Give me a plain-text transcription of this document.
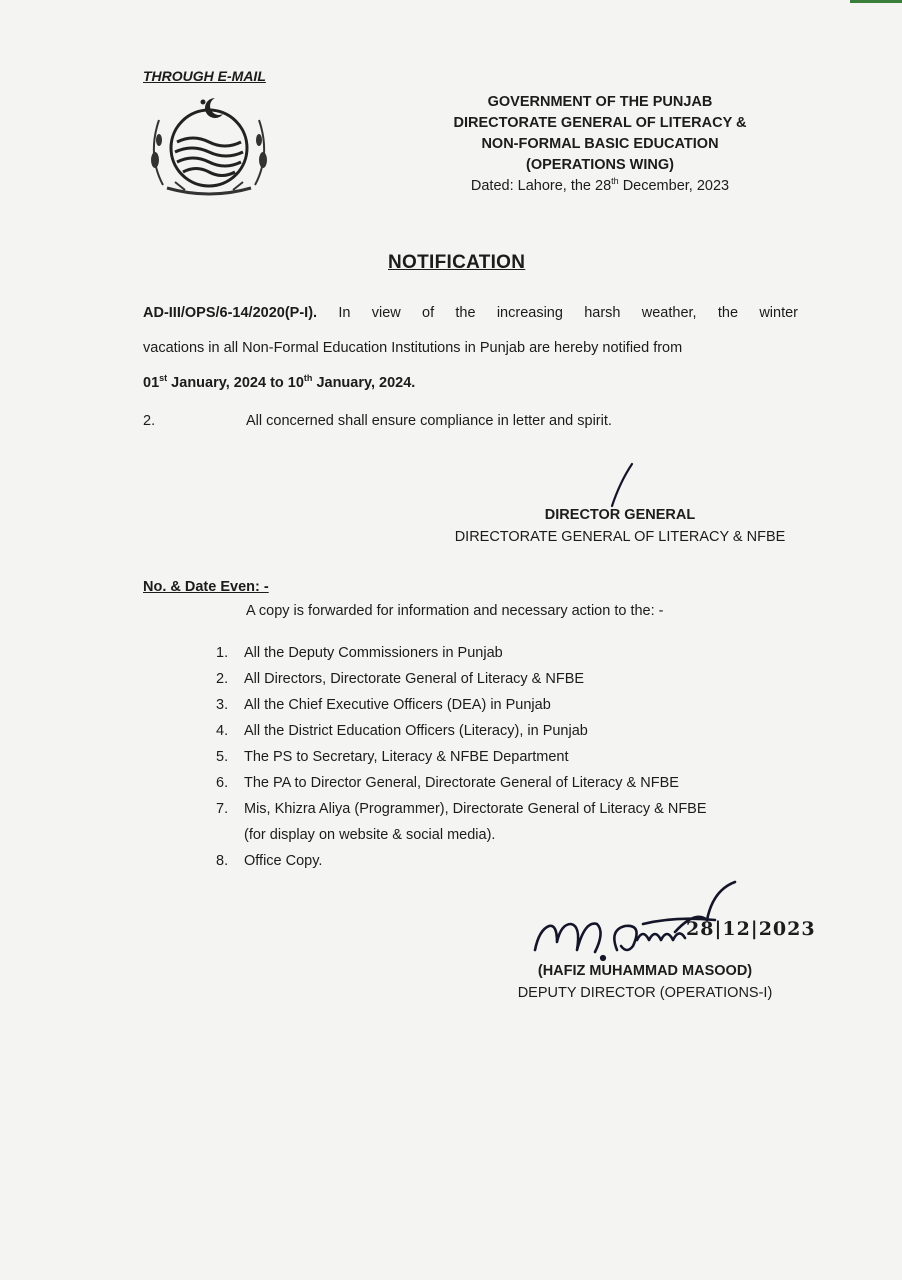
THROUGH E-MAIL
GOVERNMENT OF THE PUNJAB
DIRECTORATE GENERAL OF LITERACY &
NON-FORMAL BASIC EDUCATION
(OPERATIONS WING)
Dated: Lahore, the 28th December, 2023
NOTIFICATION
AD-III/OPS/6-14/2020(P-I). In view of the increasing harsh weather, the winter
vacations in all Non-Formal Education Institutions in Punjab are hereby notified from
01st January, 2024 to 10th January, 2024.
2.	All concerned shall ensure compliance in letter and spirit.
DIRECTOR GENERAL
DIRECTORATE GENERAL OF LITERACY & NFBE
No. & Date Even: -
A copy is forwarded for information and necessary action to the: -
1.	All the Deputy Commissioners in Punjab
2.	All Directors, Directorate General of Literacy & NFBE
3.	All the Chief Executive Officers (DEA) in Punjab
4.	All the District Education Officers (Literacy), in Punjab
5.	The PS to Secretary, Literacy & NFBE Department
6.	The PA to Director General, Directorate General of Literacy & NFBE
7.	Mis, Khizra Aliya (Programmer), Directorate General of Literacy & NFBE
(for display on website & social media).
8.	Office Copy.
28|12|2023
(HAFIZ MUHAMMAD MASOOD)
DEPUTY DIRECTOR (OPERATIONS-I)
